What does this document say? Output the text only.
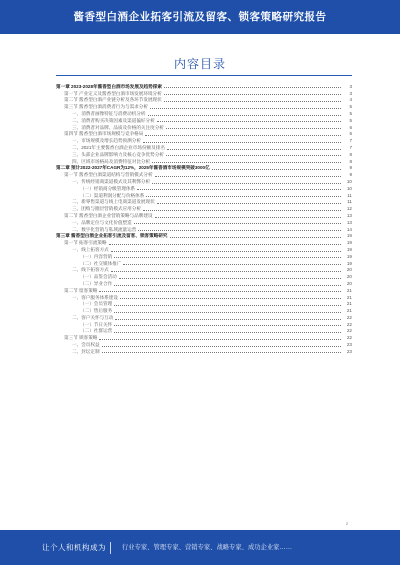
酱香型白酒企业拓客引流及留客、锁客策略研究报告
内容目录
第一章 2023-2028年酱香型白酒市场发展及趋势探索	3
第一节 产业定义及酱香型白酒市场发展环境分析	3
第二节 酱香型白酒产业链分析及各环节发展现状	4
第三节 酱香型白酒消费者行为与需求分析	5
一、消费者画像特征与消费动机分析	5
二、消费者购买决策因素及渠道偏好分析	5
三、消费者对品牌、品质及价格的关注度分析	6
第四节 酱香型白酒市场规模与竞争格局	6
一、市场规模及增长趋势预测分析	7
二、2021年主要酱香白酒企业市场份额及排名	7
三、头部企业品牌影响力及核心竞争优势分析	8
四、区域市场格局及消费特征对比分析	8
第二章 预计2022-2027年CAGR为12%，2025年酱香酒市场规模突破3000亿	9
第一节 酱香型白酒渠道结构与营销模式分析	9
一、传统经销商渠道模式及其利弊分析	10
（一）经销商分级管理体系	10
（二）渠道利润分配与价格体系	11
二、新零售渠道与线上电商渠道发展现状	11
三、团购与圈层营销模式应用分析	12
第二节 酱香型白酒企业营销策略与品牌建设	13
一、品牌定位与文化价值塑造	13
二、数字化营销与私域流量运营	14
第三章 酱香型白酒企业拓客引流及留客、锁客策略研究	19
第一节 拓客引流策略	19
一、线上拓客方式	19
（一）内容营销	19
（二）社交媒体推广	19
二、线下拓客方式	20
（一）品鉴会活动	20
（二）异业合作	20
第二节 留客策略	21
一、客户服务体系建设	21
（一）会员管理	21
（二）售后服务	21
二、客户关怀与互动	22
（一）节日关怀	22
（二）社群运营	22
第三节 锁客策略	22
一、会员权益	23
二、封坛定制	23
2
让个人和机构成为	行业专家、管理专家、营销专家、战略专家、成功企业家……
